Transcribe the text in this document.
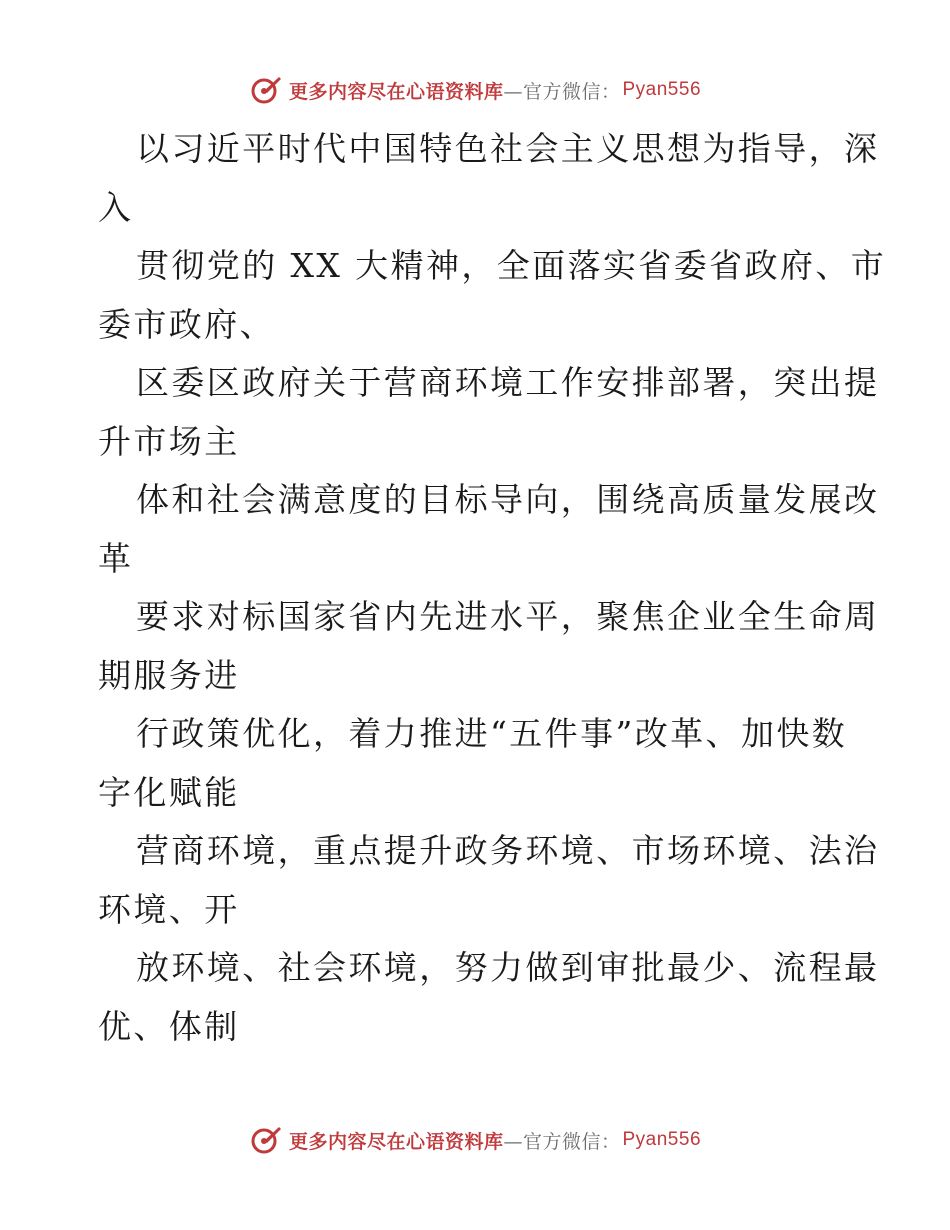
更多内容尽在心语资料库 —官方微信： Pyan556
以习近平时代中国特色社会主义思想为指导，深
入
贯彻党的 XX 大精神，全面落实省委省政府、市
委市政府、
区委区政府关于营商环境工作安排部署，突出提
升市场主
体和社会满意度的目标导向，围绕高质量发展改
革
要求对标国家省内先进水平，聚焦企业全生命周
期服务进
行政策优化，着力推进“五件事”改革、加快数
字化赋能
营商环境，重点提升政务环境、市场环境、法治
环境、开
放环境、社会环境，努力做到审批最少、流程最
优、体制
更多内容尽在心语资料库 —官方微信： Pyan556
